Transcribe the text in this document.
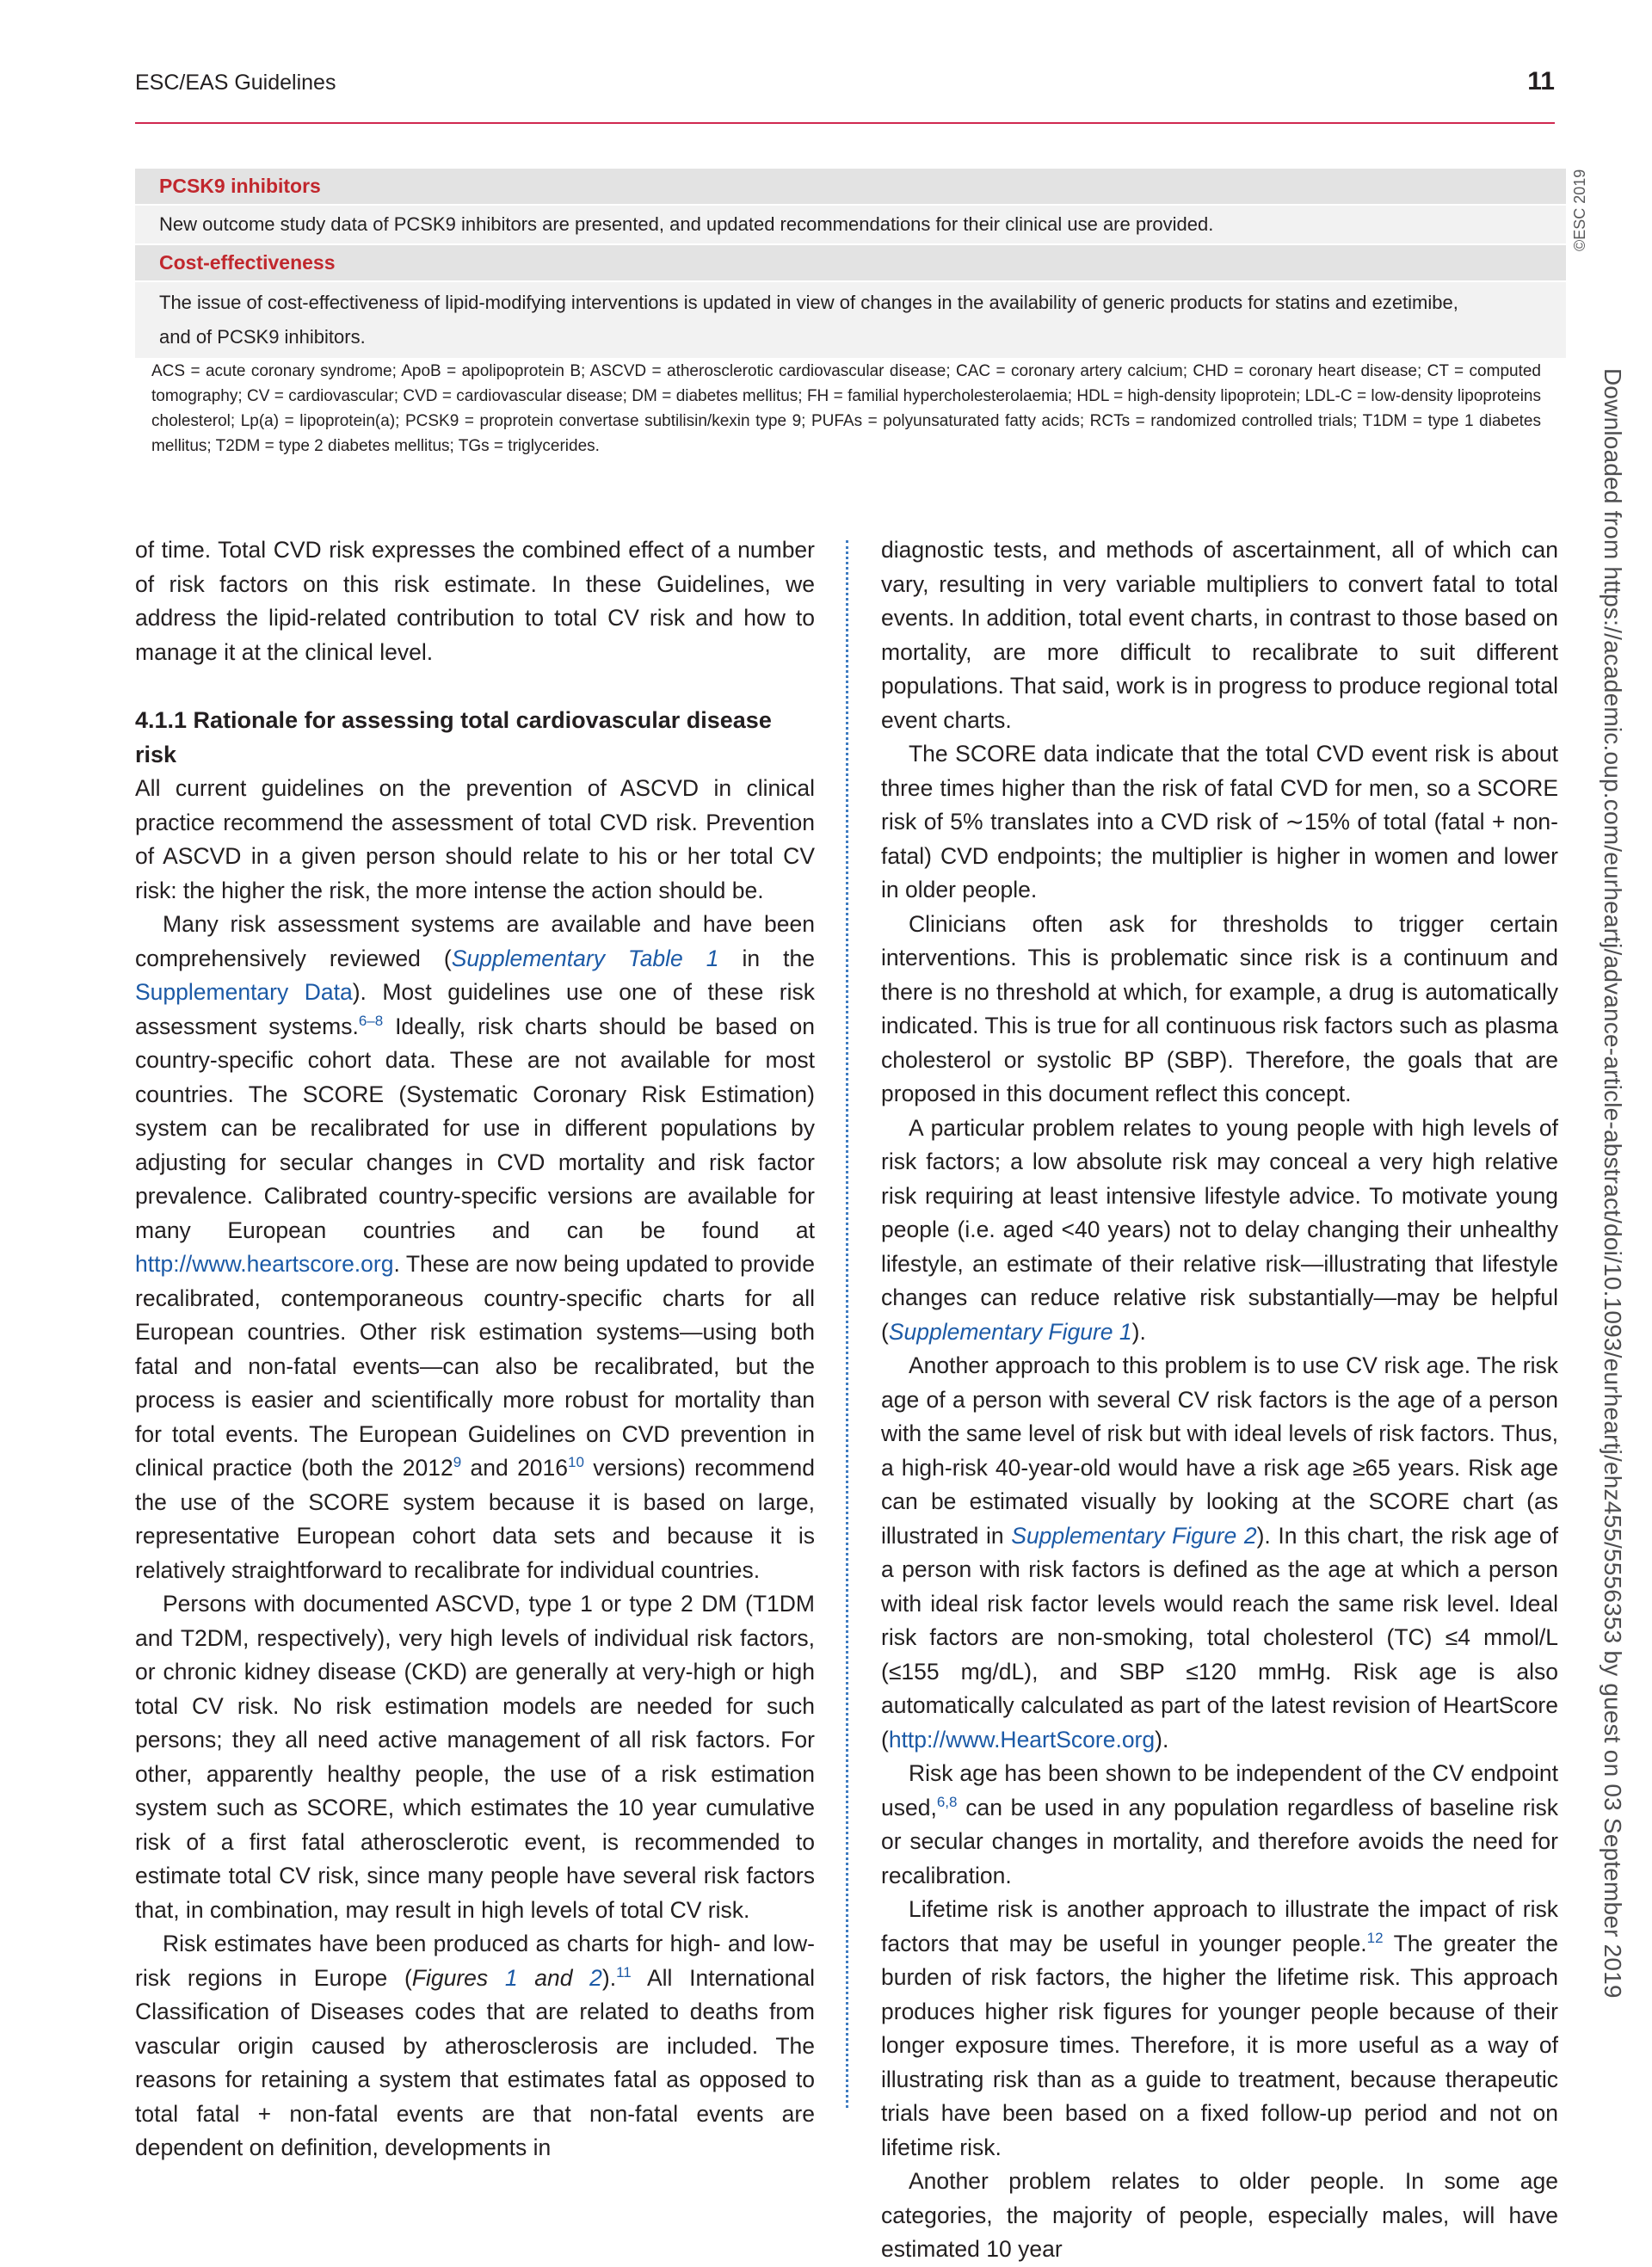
ESC/EAS Guidelines	11
PCSK9 inhibitors
New outcome study data of PCSK9 inhibitors are presented, and updated recommendations for their clinical use are provided.
Cost-effectiveness
The issue of cost-effectiveness of lipid-modifying interventions is updated in view of changes in the availability of generic products for statins and ezetimibe, and of PCSK9 inhibitors.
ACS = acute coronary syndrome; ApoB = apolipoprotein B; ASCVD = atherosclerotic cardiovascular disease; CAC = coronary artery calcium; CHD = coronary heart disease; CT = computed tomography; CV = cardiovascular; CVD = cardiovascular disease; DM = diabetes mellitus; FH = familial hypercholesterolaemia; HDL = high-density lipoprotein; LDL-C = low-density lipoproteins cholesterol; Lp(a) = lipoprotein(a); PCSK9 = proprotein convertase subtilisin/kexin type 9; PUFAs = polyunsaturated fatty acids; RCTs = randomized controlled trials; T1DM = type 1 diabetes mellitus; T2DM = type 2 diabetes mellitus; TGs = triglycerides.
©ESC 2019
Downloaded from https://academic.oup.com/eurheartj/advance-article-abstract/doi/10.1093/eurheartj/ehz455/5556353 by guest on 03 September 2019

of time. Total CVD risk expresses the combined effect of a number of risk factors on this risk estimate. In these Guidelines, we address the lipid-related contribution to total CV risk and how to manage it at the clinical level.

4.1.1 Rationale for assessing total cardiovascular disease risk

All current guidelines on the prevention of ASCVD in clinical practice recommend the assessment of total CVD risk. Prevention of ASCVD in a given person should relate to his or her total CV risk: the higher the risk, the more intense the action should be.

Many risk assessment systems are available and have been comprehensively reviewed (Supplementary Table 1 in the Supplementary Data). Most guidelines use one of these risk assessment systems.$^{6-8}$ Ideally, risk charts should be based on country-specific cohort data. These are not available for most countries. The SCORE (Systematic Coronary Risk Estimation) system can be recalibrated for use in different populations by adjusting for secular changes in CVD mortality and risk factor prevalence. Calibrated country-specific versions are available for many European countries and can be found at http://www.heartscore.org. These are now being updated to provide recalibrated, contemporaneous country-specific charts for all European countries. Other risk estimation systems—using both fatal and non-fatal events—can also be recalibrated, but the process is easier and scientifically more robust for mortality than for total events. The European Guidelines on CVD prevention in clinical practice (both the 2012$^9$ and 2016$^{10}$ versions) recommend the use of the SCORE system because it is based on large, representative European cohort data sets and because it is relatively straightforward to recalibrate for individual countries.

Persons with documented ASCVD, type 1 or type 2 DM (T1DM and T2DM, respectively), very high levels of individual risk factors, or chronic kidney disease (CKD) are generally at very-high or high total CV risk. No risk estimation models are needed for such persons; they all need active management of all risk factors. For other, apparently healthy people, the use of a risk estimation system such as SCORE, which estimates the 10 year cumulative risk of a first fatal atherosclerotic event, is recommended to estimate total CV risk, since many people have several risk factors that, in combination, may result in high levels of total CV risk.

Risk estimates have been produced as charts for high- and low-risk regions in Europe (Figures 1 and 2).$^{11}$ All International Classification of Diseases codes that are related to deaths from vascular origin caused by atherosclerosis are included. The reasons for retaining a system that estimates fatal as opposed to total fatal + non-fatal events are that non-fatal events are dependent on definition, developments in

diagnostic tests, and methods of ascertainment, all of which can vary, resulting in very variable multipliers to convert fatal to total events. In addition, total event charts, in contrast to those based on mortality, are more difficult to recalibrate to suit different populations. That said, work is in progress to produce regional total event charts.

The SCORE data indicate that the total CVD event risk is about three times higher than the risk of fatal CVD for men, so a SCORE risk of 5% translates into a CVD risk of ∼15% of total (fatal + non-fatal) CVD endpoints; the multiplier is higher in women and lower in older people.

Clinicians often ask for thresholds to trigger certain interventions. This is problematic since risk is a continuum and there is no threshold at which, for example, a drug is automatically indicated. This is true for all continuous risk factors such as plasma cholesterol or systolic BP (SBP). Therefore, the goals that are proposed in this document reflect this concept.

A particular problem relates to young people with high levels of risk factors; a low absolute risk may conceal a very high relative risk requiring at least intensive lifestyle advice. To motivate young people (i.e. aged <40 years) not to delay changing their unhealthy lifestyle, an estimate of their relative risk—illustrating that lifestyle changes can reduce relative risk substantially—may be helpful (Supplementary Figure 1).

Another approach to this problem is to use CV risk age. The risk age of a person with several CV risk factors is the age of a person with the same level of risk but with ideal levels of risk factors. Thus, a high-risk 40-year-old would have a risk age ≥65 years. Risk age can be estimated visually by looking at the SCORE chart (as illustrated in Supplementary Figure 2). In this chart, the risk age of a person with risk factors is defined as the age at which a person with ideal risk factor levels would reach the same risk level. Ideal risk factors are non-smoking, total cholesterol (TC) ≤4 mmol/L (≤155 mg/dL), and SBP ≤120 mmHg. Risk age is also automatically calculated as part of the latest revision of HeartScore (http://www.HeartScore.org).

Risk age has been shown to be independent of the CV endpoint used,$^{6,8}$ can be used in any population regardless of baseline risk or secular changes in mortality, and therefore avoids the need for recalibration.

Lifetime risk is another approach to illustrate the impact of risk factors that may be useful in younger people.$^{12}$ The greater the burden of risk factors, the higher the lifetime risk. This approach produces higher risk figures for younger people because of their longer exposure times. Therefore, it is more useful as a way of illustrating risk than as a guide to treatment, because therapeutic trials have been based on a fixed follow-up period and not on lifetime risk.

Another problem relates to older people. In some age categories, the majority of people, especially males, will have estimated 10 year
